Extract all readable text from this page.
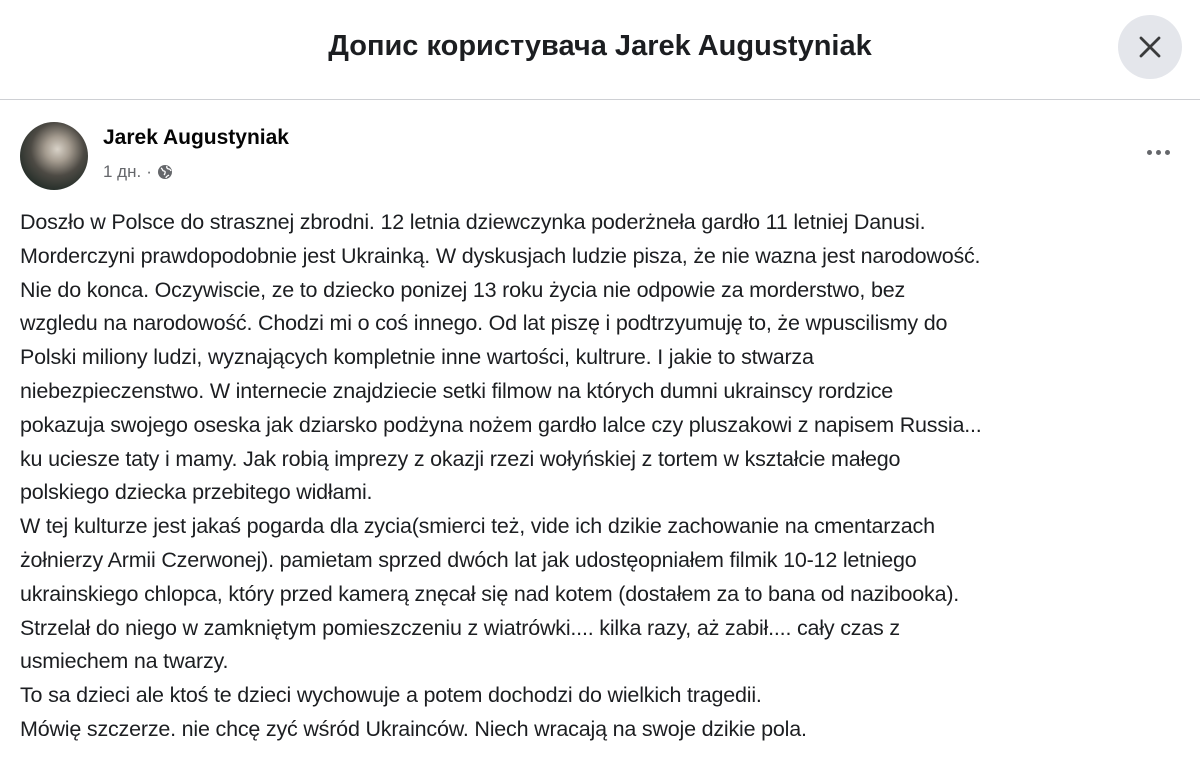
Допис користувача Jarek Augustyniak
Jarek Augustyniak
1 дн. ·
Doszło w Polsce do strasznej zbrodni. 12 letnia dziewczynka poderżneła gardło 11 letniej Danusi.
Morderczyni prawdopodobnie jest Ukrainką. W dyskusjach ludzie pisza, że nie wazna jest narodowość.
Nie do konca. Oczywiscie, ze to dziecko ponizej 13 roku życia nie odpowie za morderstwo, bez
wzgledu na narodowość. Chodzi mi o coś innego. Od lat piszę i podtrzyumuję to, że wpuscilismy do
Polski miliony ludzi, wyznających kompletnie inne wartości, kultrure. I jakie to stwarza
niebezpieczenstwo. W internecie znajdziecie setki filmow na których dumni ukrainscy rordzice
pokazuja swojego oseska jak dziarsko podżyna nożem gardło lalce czy pluszakowi z napisem Russia...
ku uciesze taty i mamy. Jak robią imprezy z okazji rzezi wołyńskiej z tortem w kształcie małego
polskiego dziecka przebitego widłami.
W tej kulturze jest jakaś pogarda dla zycia(smierci też, vide ich dzikie zachowanie na cmentarzach
żołnierzy Armii Czerwonej). pamietam sprzed dwóch lat jak udostęopniałem filmik 10-12 letniego
ukrainskiego chlopca, który przed kamerą znęcał się nad kotem (dostałem za to bana od nazibooka).
Strzelał do niego w zamkniętym pomieszczeniu z wiatrówki.... kilka razy, aż zabił.... cały czas z
usmiechem na twarzy.
To sa dzieci ale ktoś te dzieci wychowuje a potem dochodzi do wielkich tragedii.
Mówię szczerze. nie chcę zyć wśród Ukrainców. Niech wracają na swoje dzikie pola.
